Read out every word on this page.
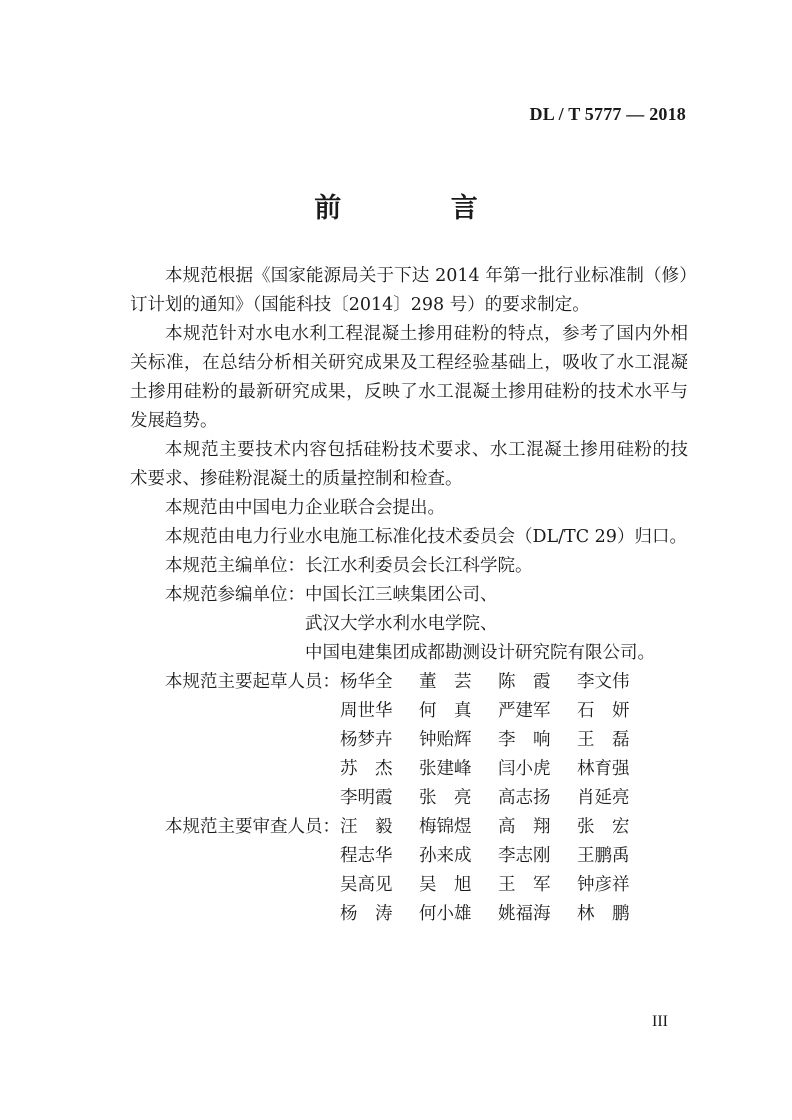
DL / T 5777 — 2018
前 言

本规范根据《国家能源局关于下达 2014 年第一批行业标准制（修）订计划的通知》（国能科技〔2014〕298 号）的要求制定。

本规范针对水电水利工程混凝土掺用硅粉的特点，参考了国内外相关标准，在总结分析相关研究成果及工程经验基础上，吸收了水工混凝土掺用硅粉的最新研究成果，反映了水工混凝土掺用硅粉的技术水平与发展趋势。

本规范主要技术内容包括硅粉技术要求、水工混凝土掺用硅粉的技术要求、掺硅粉混凝土的质量控制和检查。

本规范由中国电力企业联合会提出。

本规范由电力行业水电施工标准化技术委员会（DL/TC 29）归口。

本规范主编单位： 长江水利委员会长江科学院。
本规范参编单位： 中国长江三峡集团公司、
武汉大学水利水电学院、
中国电建集团成都勘测设计研究院有限公司。
本规范主要起草人员： 杨华全	董　芸	陈　霞	李文伟
周世华	何　真	严建军	石　妍
杨梦卉	钟贻辉	李　响	王　磊
苏　杰	张建峰	闫小虎	林育强
李明霞	张　亮	高志扬	肖延亮
本规范主要审查人员： 汪　毅	梅锦煜	高　翔	张　宏
程志华	孙来成	李志刚	王鹏禹
吴高见	吴　旭	王　军	钟彦祥
杨　涛	何小雄	姚福海	林　鹏
III
